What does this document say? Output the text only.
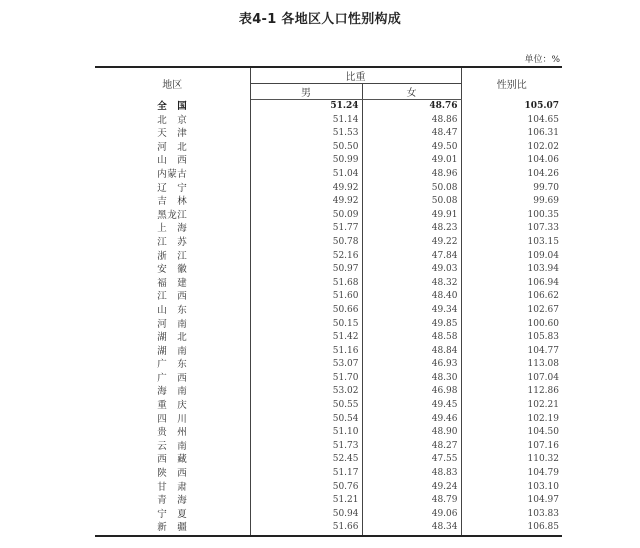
表4-1 各地区人口性别构成
单位：%
地区	比重		性别比
	男	女	
全　国	51.24	48.76	105.07
北　京	51.14	48.86	104.65
天　津	51.53	48.47	106.31
河　北	50.50	49.50	102.02
山　西	50.99	49.01	104.06
内蒙古	51.04	48.96	104.26
辽　宁	49.92	50.08	99.70
吉　林	49.92	50.08	99.69
黑龙江	50.09	49.91	100.35
上　海	51.77	48.23	107.33
江　苏	50.78	49.22	103.15
浙　江	52.16	47.84	109.04
安　徽	50.97	49.03	103.94
福　建	51.68	48.32	106.94
江　西	51.60	48.40	106.62
山　东	50.66	49.34	102.67
河　南	50.15	49.85	100.60
湖　北	51.42	48.58	105.83
湖　南	51.16	48.84	104.77
广　东	53.07	46.93	113.08
广　西	51.70	48.30	107.04
海　南	53.02	46.98	112.86
重　庆	50.55	49.45	102.21
四　川	50.54	49.46	102.19
贵　州	51.10	48.90	104.50
云　南	51.73	48.27	107.16
西　藏	52.45	47.55	110.32
陕　西	51.17	48.83	104.79
甘　肃	50.76	49.24	103.10
青　海	51.21	48.79	104.97
宁　夏	50.94	49.06	103.83
新　疆	51.66	48.34	106.85
